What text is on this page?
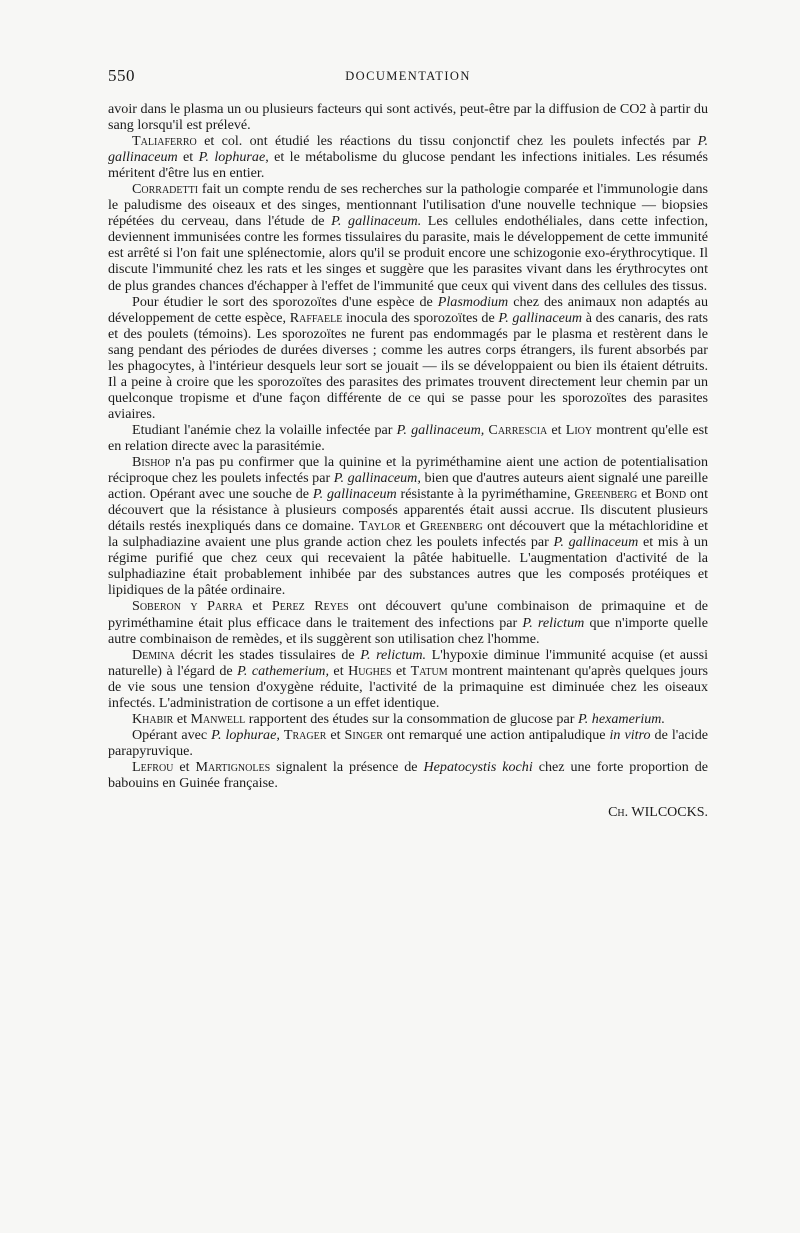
550	DOCUMENTATION

avoir dans le plasma un ou plusieurs facteurs qui sont activés, peut-être par la diffusion de CO2 à partir du sang lorsqu'il est prélevé.

Taliaferro et col. ont étudié les réactions du tissu conjonctif chez les poulets infectés par P. gallinaceum et P. lophurae, et le métabolisme du glucose pendant les infections initiales. Les résumés méritent d'être lus en entier.

Corradetti fait un compte rendu de ses recherches sur la pathologie comparée et l'immunologie dans le paludisme des oiseaux et des singes, mentionnant l'utilisation d'une nouvelle technique — biopsies répétées du cerveau, dans l'étude de P. gallinaceum. Les cellules endothéliales, dans cette infection, deviennent immunisées contre les formes tissulaires du parasite, mais le développement de cette immunité est arrêté si l'on fait une splénectomie, alors qu'il se produit encore une schizogonie exo-érythrocytique. Il discute l'immunité chez les rats et les singes et suggère que les parasites vivant dans les érythrocytes ont de plus grandes chances d'échapper à l'effet de l'immunité que ceux qui vivent dans des cellules des tissus.

Pour étudier le sort des sporozoïtes d'une espèce de Plasmodium chez des animaux non adaptés au développement de cette espèce, Raffaele inocula des sporozoïtes de P. gallinaceum à des canaris, des rats et des poulets (témoins). Les sporozoïtes ne furent pas endommagés par le plasma et restèrent dans le sang pendant des périodes de durées diverses ; comme les autres corps étrangers, ils furent absorbés par les phagocytes, à l'intérieur desquels leur sort se jouait — ils se développaient ou bien ils étaient détruits. Il a peine à croire que les sporozoïtes des parasites des primates trouvent directement leur chemin par un quelconque tropisme et d'une façon différente de ce qui se passe pour les sporozoïtes des parasites aviaires.

Etudiant l'anémie chez la volaille infectée par P. gallinaceum, Carrescia et Lioy montrent qu'elle est en relation directe avec la parasitémie.

Bishop n'a pas pu confirmer que la quinine et la pyriméthamine aient une action de potentialisation réciproque chez les poulets infectés par P. gallinaceum, bien que d'autres auteurs aient signalé une pareille action. Opérant avec une souche de P. gallinaceum résistante à la pyriméthamine, Greenberg et Bond ont découvert que la résistance à plusieurs composés apparentés était aussi accrue. Ils discutent plusieurs détails restés inexpliqués dans ce domaine. Taylor et Greenberg ont découvert que la métachloridine et la sulphadiazine avaient une plus grande action chez les poulets infectés par P. gallinaceum et mis à un régime purifié que chez ceux qui recevaient la pâtée habituelle. L'augmentation d'activité de la sulphadiazine était probablement inhibée par des substances autres que les composés protéiques et lipidiques de la pâtée ordinaire.

Soberon y Parra et Perez Reyes ont découvert qu'une combinaison de primaquine et de pyriméthamine était plus efficace dans le traitement des infections par P. relictum que n'importe quelle autre combinaison de remèdes, et ils suggèrent son utilisation chez l'homme.

Demina décrit les stades tissulaires de P. relictum. L'hypoxie diminue l'immunité acquise (et aussi naturelle) à l'égard de P. cathemerium, et Hughes et Tatum montrent maintenant qu'après quelques jours de vie sous une tension d'oxygène réduite, l'activité de la primaquine est diminuée chez les oiseaux infectés. L'administration de cortisone a un effet identique.

Khabir et Manwell rapportent des études sur la consommation de glucose par P. hexamerium.

Opérant avec P. lophurae, Trager et Singer ont remarqué une action antipaludique in vitro de l'acide parapyruvique.

Lefrou et Martignoles signalent la présence de Hepatocystis kochi chez une forte proportion de babouins en Guinée française.

Ch. WILCOCKS.
